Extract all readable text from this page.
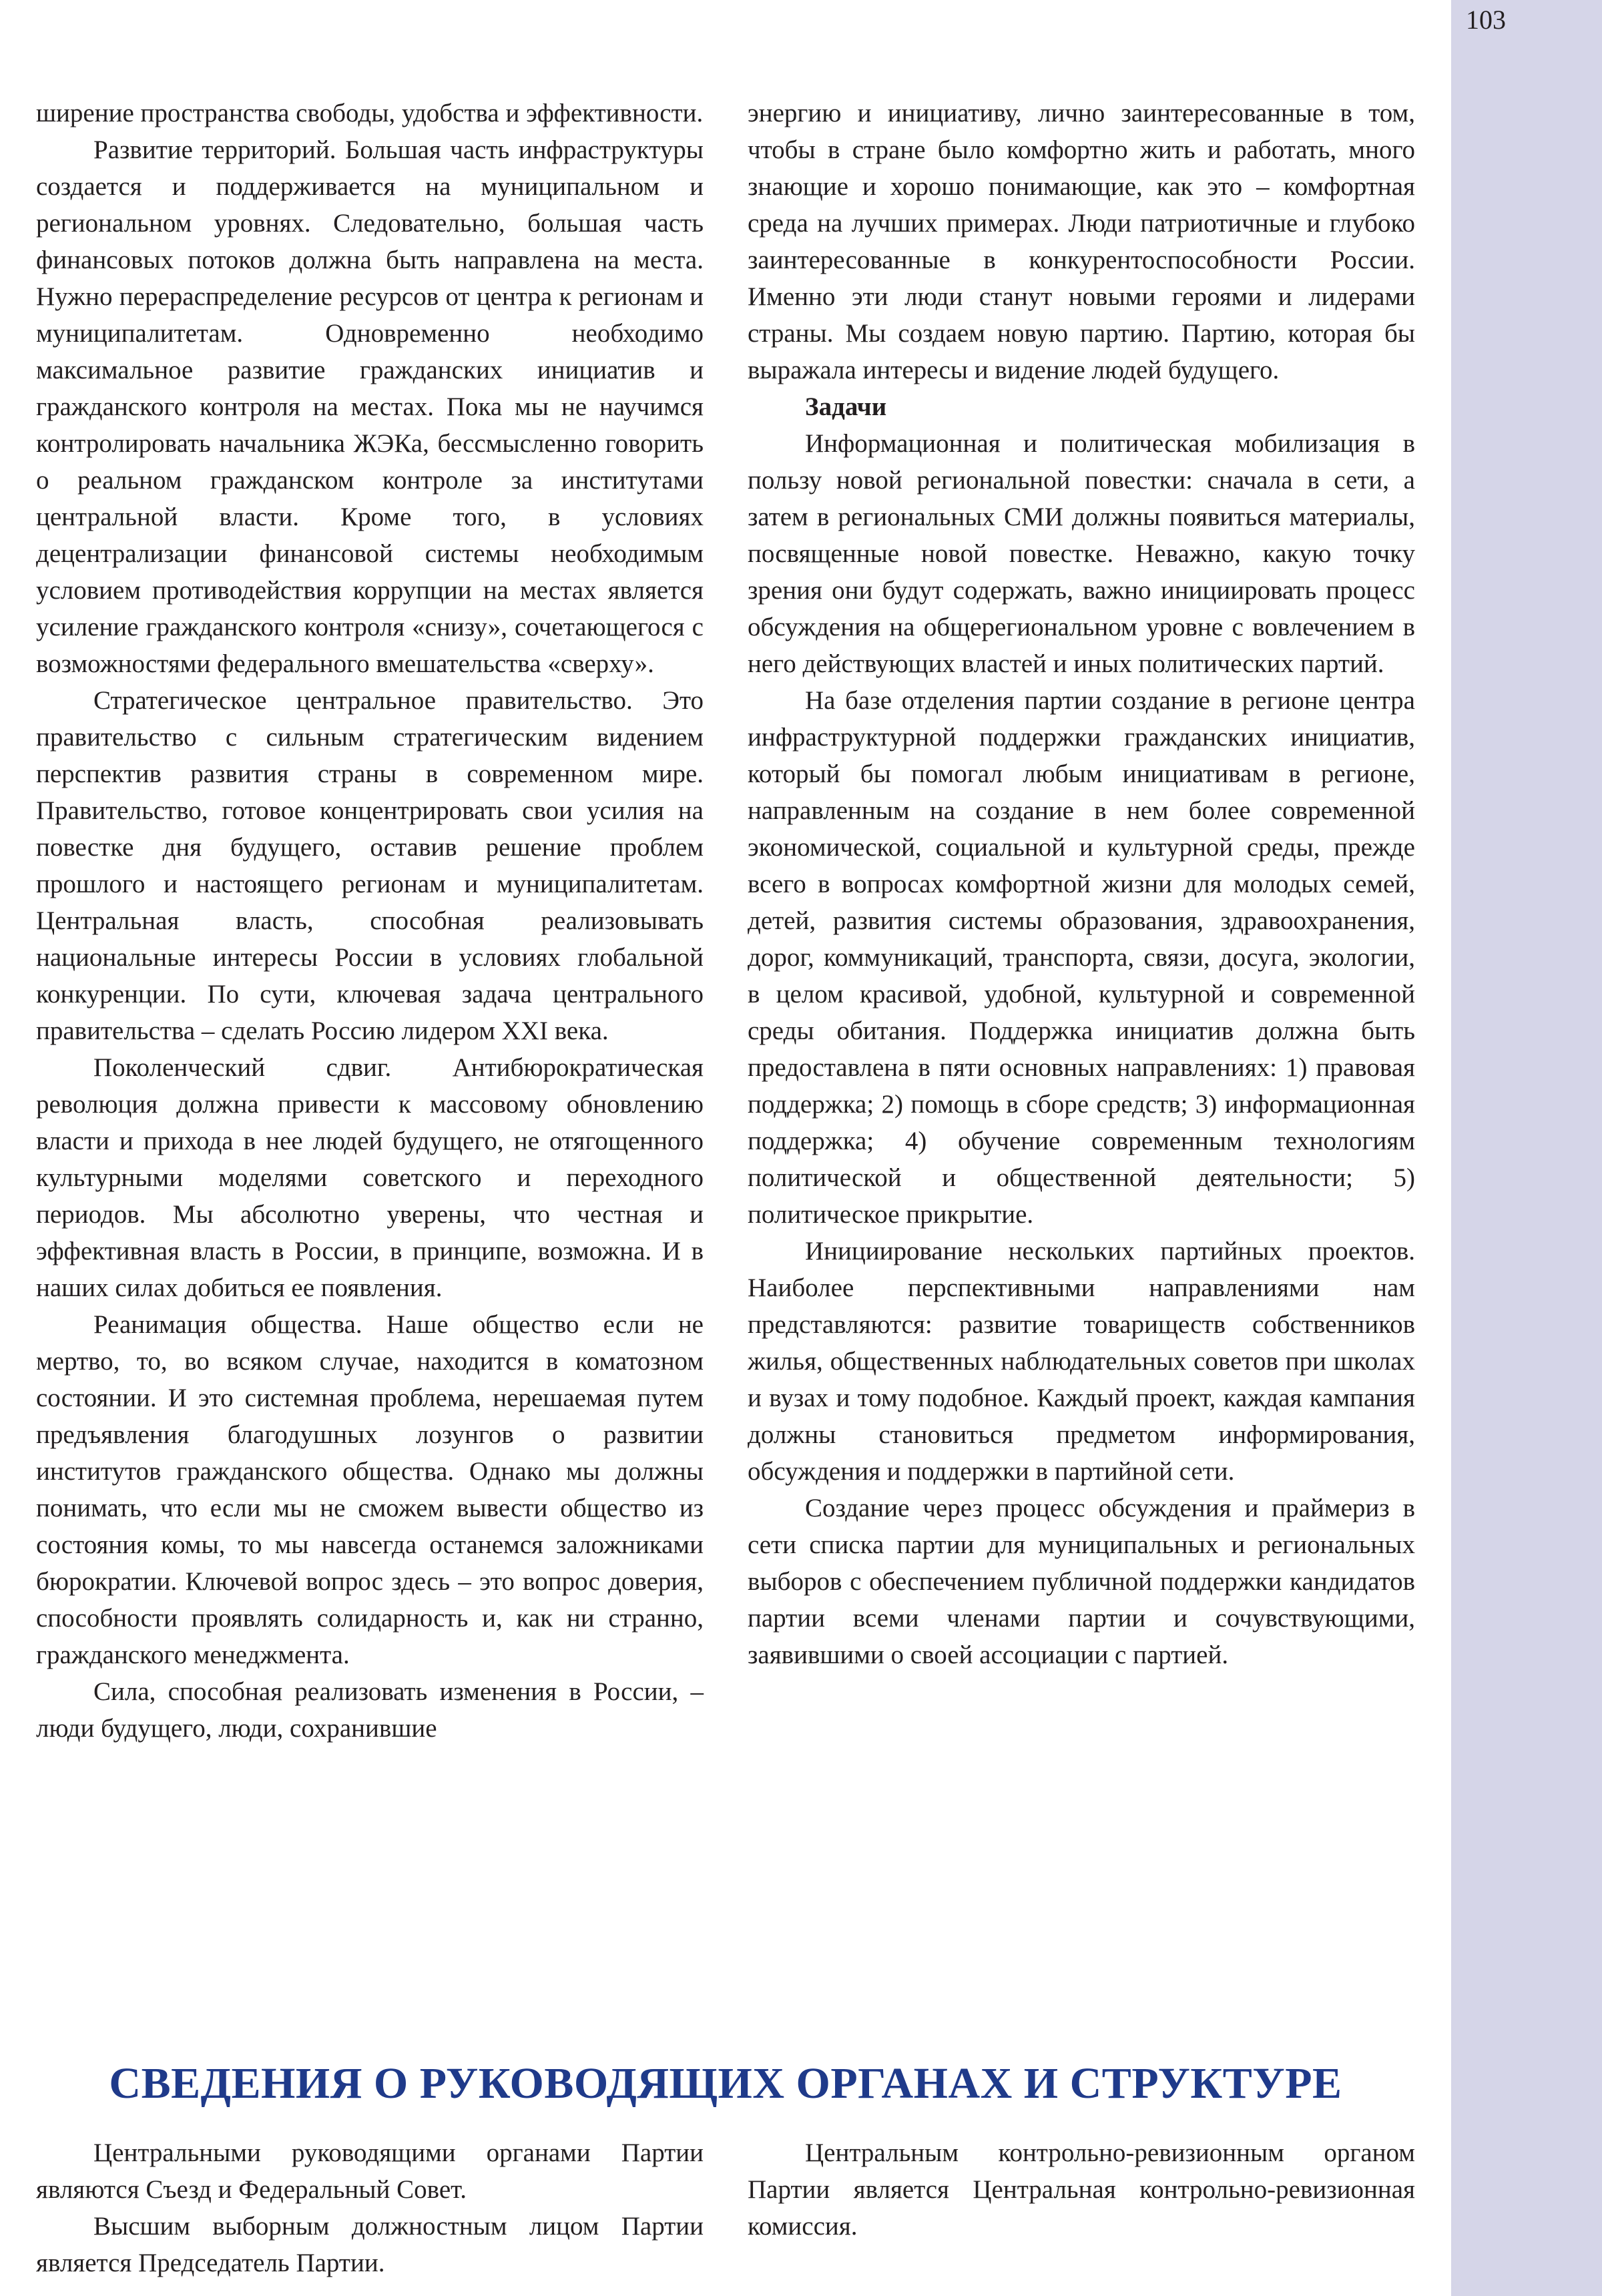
103

ширение пространства свободы, удобства и эффективности.

Развитие территорий. Большая часть инфраструктуры создается и поддерживается на муниципальном и региональном уровнях. Следовательно, большая часть финансовых потоков должна быть направлена на места. Нужно перераспределение ресурсов от центра к регионам и муниципалитетам. Одновременно необходимо максимальное развитие гражданских инициатив и гражданского контроля на местах. Пока мы не научимся контролировать начальника ЖЭКа, бессмысленно говорить о реальном гражданском контроле за институтами центральной власти. Кроме того, в условиях децентрализации финансовой системы необходимым условием противодействия коррупции на местах является усиление гражданского контроля «снизу», сочетающегося с возможностями федерального вмешательства «сверху».

Стратегическое центральное правительство. Это правительство с сильным стратегическим видением перспектив развития страны в современном мире. Правительство, готовое концентрировать свои усилия на повестке дня будущего, оставив решение проблем прошлого и настоящего регионам и муниципалитетам. Центральная власть, способная реализовывать национальные интересы России в условиях глобальной конкуренции. По сути, ключевая задача центрального правительства – сделать Россию лидером XXI века.

Поколенческий сдвиг. Антибюрократическая революция должна привести к массовому обновлению власти и прихода в нее людей будущего, не отягощенного культурными моделями советского и переходного периодов. Мы абсолютно уверены, что честная и эффективная власть в России, в принципе, возможна. И в наших силах добиться ее появления.

Реанимация общества. Наше общество если не мертво, то, во всяком случае, находится в коматозном состоянии. И это системная проблема, нерешаемая путем предъявления благодушных лозунгов о развитии институтов гражданского общества. Однако мы должны понимать, что если мы не сможем вывести общество из состояния комы, то мы навсегда останемся заложниками бюрократии. Ключевой вопрос здесь – это вопрос доверия, способности проявлять солидарность и, как ни странно, гражданского менеджмента.

Сила, способная реализовать изменения в России, – люди будущего, люди, сохранившие

энергию и инициативу, лично заинтересованные в том, чтобы в стране было комфортно жить и работать, много знающие и хорошо понимающие, как это – комфортная среда на лучших примерах. Люди патриотичные и глубоко заинтересованные в конкурентоспособности России. Именно эти люди станут новыми героями и лидерами страны. Мы создаем новую партию. Партию, которая бы выражала интересы и видение людей будущего.

Задачи

Информационная и политическая мобилизация в пользу новой региональной повестки: сначала в сети, а затем в региональных СМИ должны появиться материалы, посвященные новой повестке. Неважно, какую точку зрения они будут содержать, важно инициировать процесс обсуждения на общерегиональном уровне с вовлечением в него действующих властей и иных политических партий.

На базе отделения партии создание в регионе центра инфраструктурной поддержки гражданских инициатив, который бы помогал любым инициативам в регионе, направленным на создание в нем более современной экономической, социальной и культурной среды, прежде всего в вопросах комфортной жизни для молодых семей, детей, развития системы образования, здравоохранения, дорог, коммуникаций, транспорта, связи, досуга, экологии, в целом красивой, удобной, культурной и современной среды обитания. Поддержка инициатив должна быть предоставлена в пяти основных направлениях: 1) правовая поддержка; 2) помощь в сборе средств; 3) информационная поддержка; 4) обучение современным технологиям политической и общественной деятельности; 5) политическое прикрытие.

Инициирование нескольких партийных проектов. Наиболее перспективными направлениями нам представляются: развитие товариществ собственников жилья, общественных наблюдательных советов при школах и вузах и тому подобное. Каждый проект, каждая кампания должны становиться предметом информирования, обсуждения и поддержки в партийной сети.

Создание через процесс обсуждения и праймериз в сети списка партии для муниципальных и региональных выборов с обеспечением публичной поддержки кандидатов партии всеми членами партии и сочувствующими, заявившими о своей ассоциации с партией.

СВЕДЕНИЯ О РУКОВОДЯЩИХ ОРГАНАХ И СТРУКТУРЕ

Центральными руководящими органами Партии являются Съезд и Федеральный Совет.

Высшим выборным должностным лицом Партии является Председатель Партии.

Центральным контрольно-ревизионным органом Партии является Центральная контрольно-ревизионная комиссия.
